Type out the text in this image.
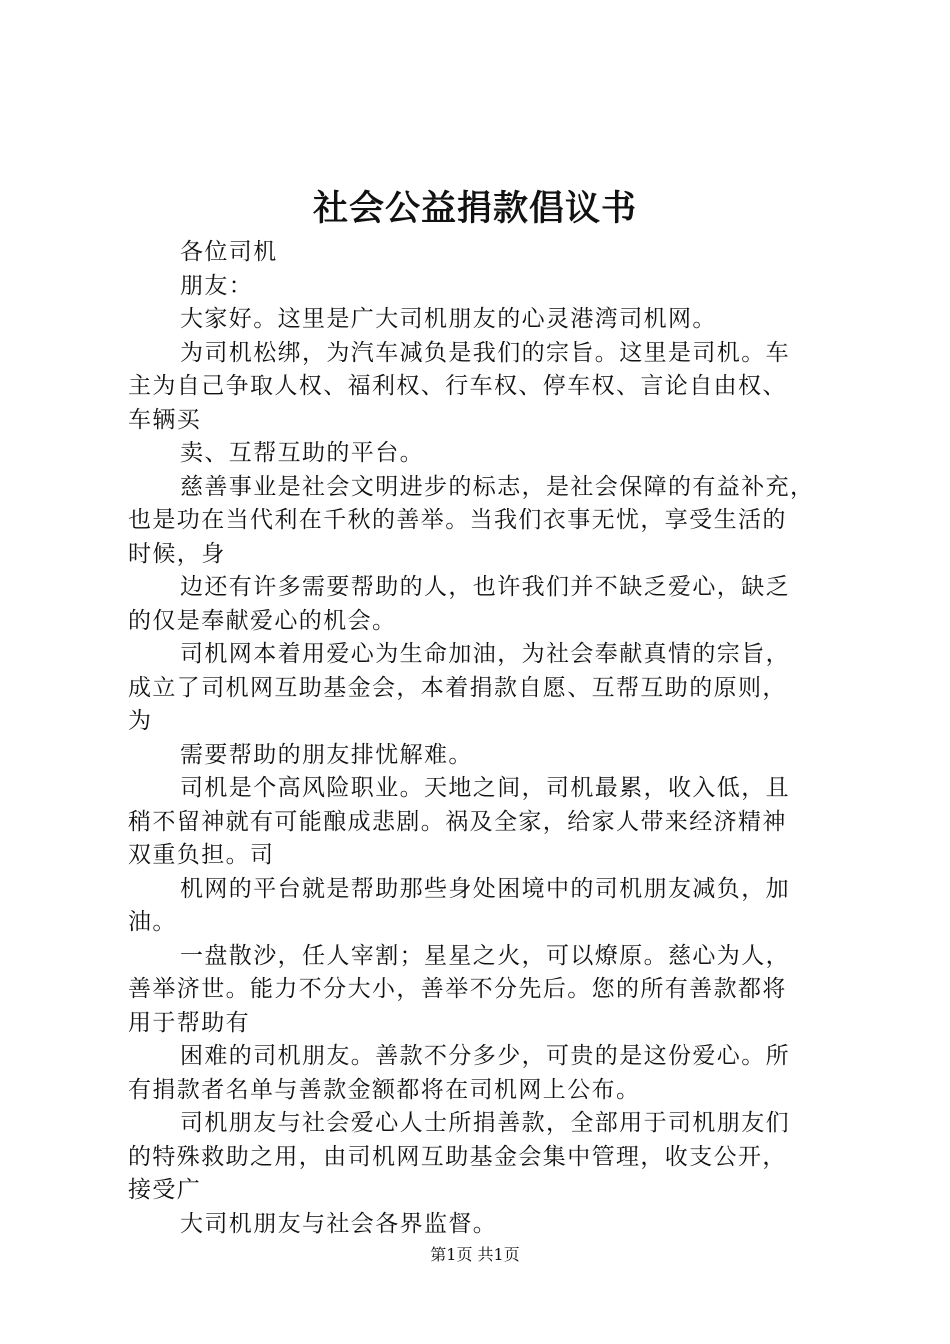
社会公益捐款倡议书
各位司机
朋友：
大家好。这里是广大司机朋友的心灵港湾司机网。
为司机松绑，为汽车减负是我们的宗旨。这里是司机。车
主为自己争取人权、福利权、行车权、停车权、言论自由权、
车辆买
卖、互帮互助的平台。
慈善事业是社会文明进步的标志，是社会保障的有益补充，
也是功在当代利在千秋的善举。当我们衣事无忧，享受生活的
时候，身
边还有许多需要帮助的人，也许我们并不缺乏爱心，缺乏
的仅是奉献爱心的机会。
司机网本着用爱心为生命加油，为社会奉献真情的宗旨，
成立了司机网互助基金会，本着捐款自愿、互帮互助的原则，
为
需要帮助的朋友排忧解难。
司机是个高风险职业。天地之间，司机最累，收入低，且
稍不留神就有可能酿成悲剧。祸及全家，给家人带来经济精神
双重负担。司
机网的平台就是帮助那些身处困境中的司机朋友减负，加
油。
一盘散沙，任人宰割；星星之火，可以燎原。慈心为人，
善举济世。能力不分大小，善举不分先后。您的所有善款都将
用于帮助有
困难的司机朋友。善款不分多少，可贵的是这份爱心。所
有捐款者名单与善款金额都将在司机网上公布。
司机朋友与社会爱心人士所捐善款，全部用于司机朋友们
的特殊救助之用，由司机网互助基金会集中管理，收支公开，
接受广
大司机朋友与社会各界监督。
第1页 共1页
